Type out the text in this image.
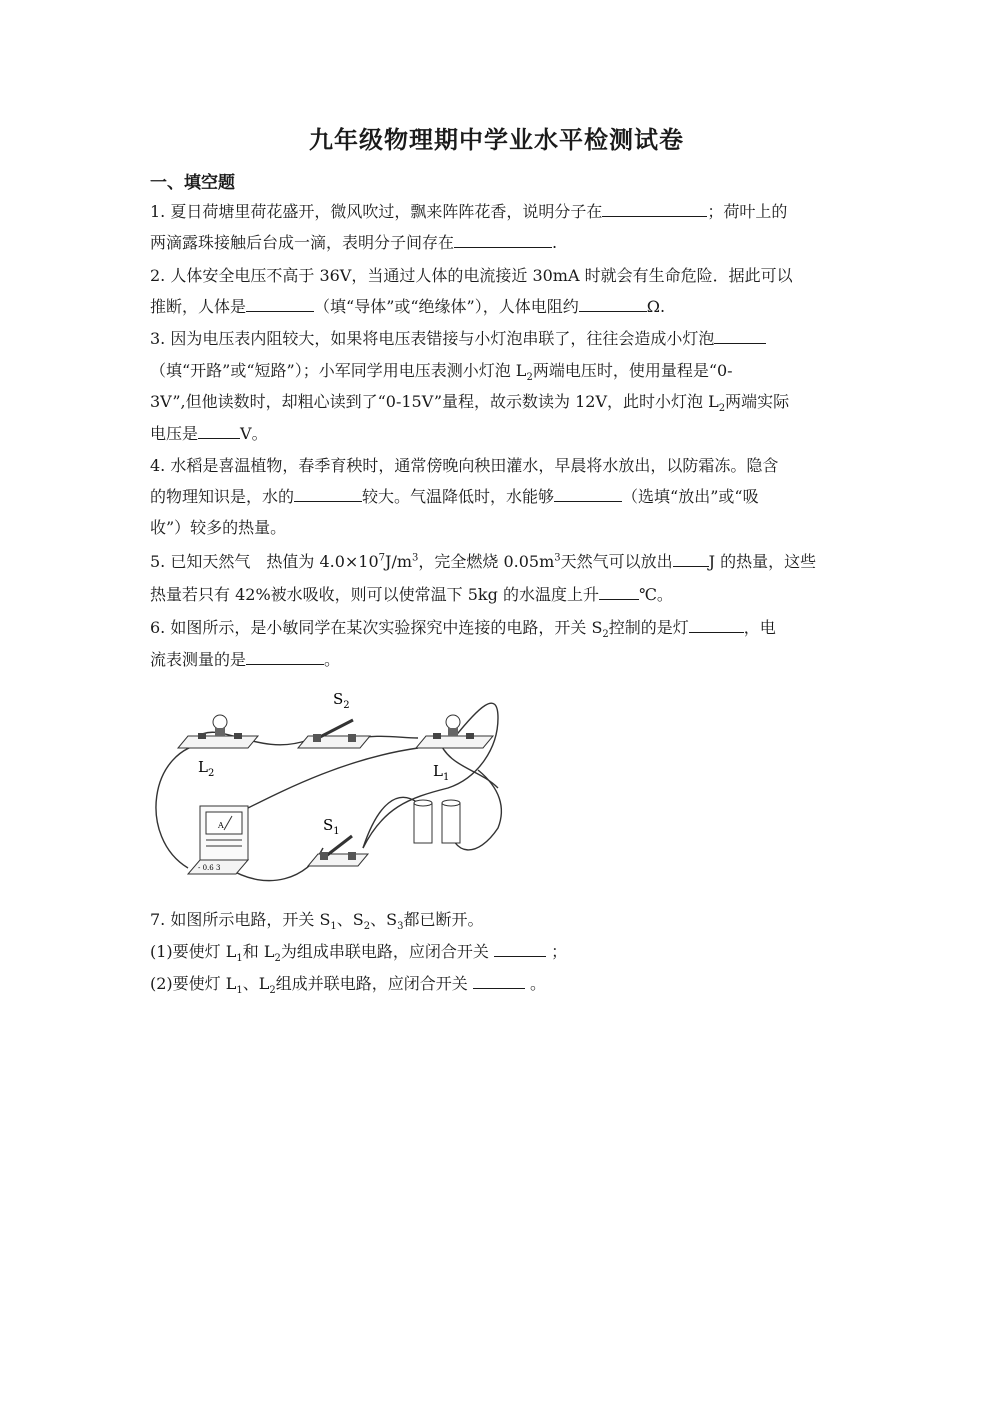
九年级物理期中学业水平检测试卷
一、填空题
1. 夏日荷塘里荷花盛开，微风吹过，飘来阵阵花香，说明分子在	；荷叶上的
两滴露珠接触后台成一滴，表明分子间存在	.
2. 人体安全电压不高于 36V，当通过人体的电流接近 30mA 时就会有生命危险．据此可以
推断，人体是	（填“导体”或“绝缘体”），人体电阻约	Ω.
3. 因为电压表内阻较大，如果将电压表错接与小灯泡串联了，往往会造成小灯泡
（填“开路”或“短路”）；小军同学用电压表测小灯泡 $L_2$两端电压时，使用量程是“0-
3V”,但他读数时，却粗心读到了“0-15V”量程，故示数读为 12V，此时小灯泡 $L_2$两端实际
电压是	V。
4. 水稻是喜温植物，春季育秧时，通常傍晚向秧田灌水，早晨将水放出，以防霜冻。隐含
的物理知识是，水的	较大。气温降低时，水能够	（选填“放出”或“吸
收”）较多的热量。
5. 已知天然气　热值为 $4.0\times 10^7J/m^3$，完全燃烧 $0.05m^3$天然气可以放出 J 的热量，这些
热量若只有 42%被水吸收，则可以使常温下 5kg 的水温度上升	℃。
6. 如图所示，是小敏同学在某次实验探究中连接的电路，开关 $S_2$控制的是灯	，电
流表测量的是	。
$L_2$
$S_2$
$L_1$
A
- 0.6 3
$S_1$
7. 如图所示电路，开关 $S_1$、$S_2$、$S_3$都已断开。
(1)要使灯 $L_1$和 $L_2$为组成串联电路，应闭合开关	；
(2)要使灯 $L_1$、$L_2$组成并联电路，应闭合开关	。
